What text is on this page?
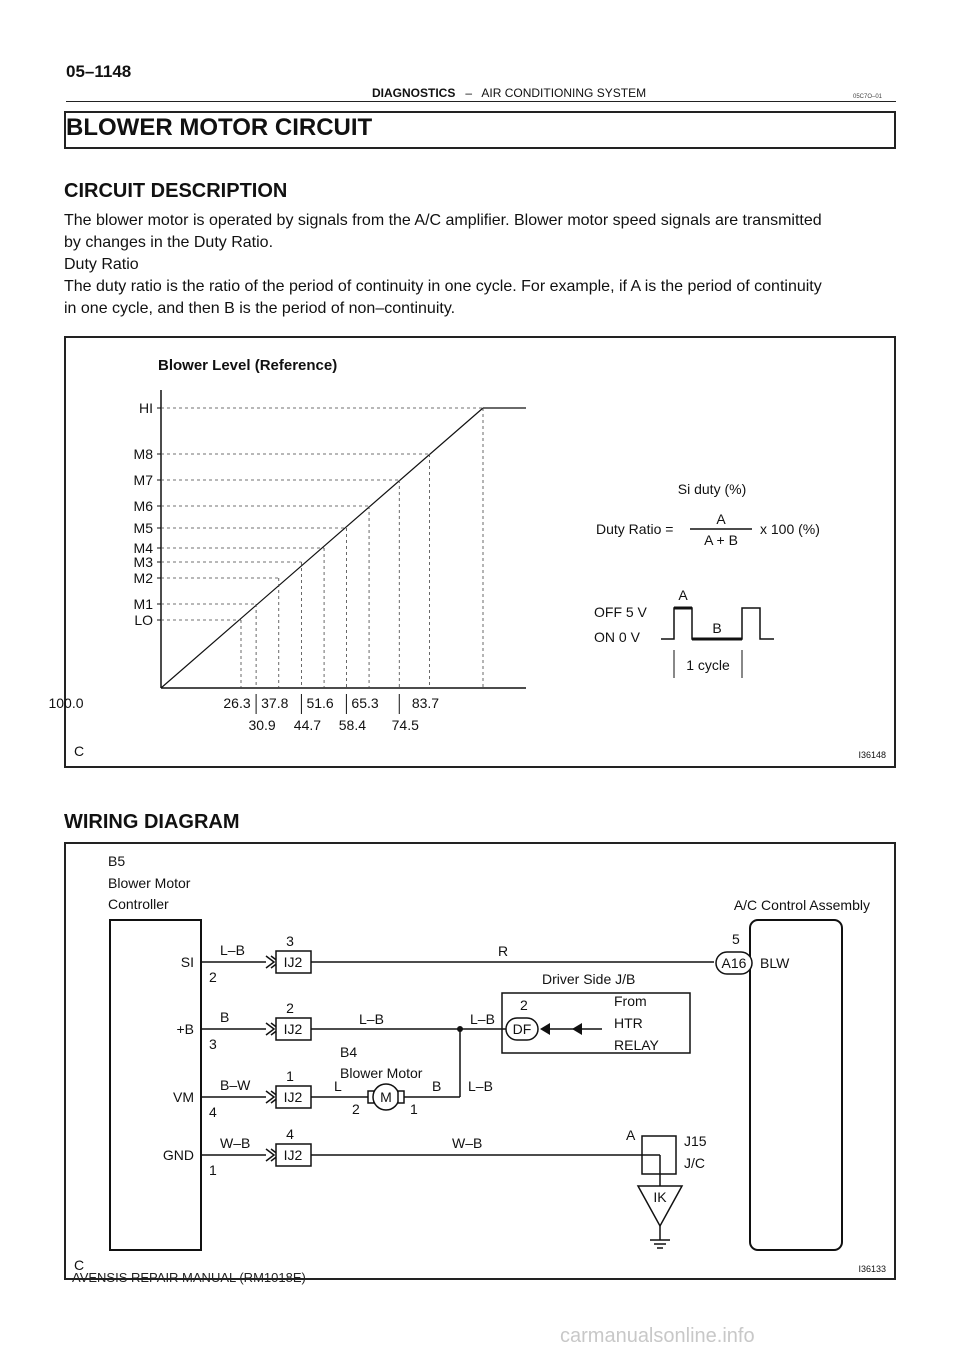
05–1148
DIAGNOSTICS – AIR CONDITIONING SYSTEM	05C7O–01
BLOWER MOTOR CIRCUIT
CIRCUIT DESCRIPTION
The blower motor is operated by signals from the A/C amplifier. Blower motor speed signals are transmitted
by changes in the Duty Ratio.
Duty Ratio
The duty ratio is the ratio of the period of continuity in one cycle. For example, if A is the period of continuity
in one cycle, and then B is the period of non–continuity.
Blower Level (Reference)
LO
M1
M2
M3
M4
M5
M6
M7
M8
HI
26.3 37.8 51.6 65.3 83.7
100.0
30.9 44.7 58.4 74.5
Si duty (%)
Duty Ratio =
A
A + B
x 100 (%)
OFF 5 V
ON 0 V
A
B
1 cycle
C	I36148
WIRING DIAGRAM
B5
Blower Motor
Controller	A/C Control Assembly
SI
2
L–B
IJ2
3
+B
3
B
IJ2
2
VM
4
B–W
IJ2
1
GND
1
W–B
IJ2
4
R
5
A16 BLW
Driver Side J/B
2
DF
From
HTR
RELAY
L–B	L–B
B4
Blower Motor
L
M
B
2	1
L–B
W–B	A	J15
J/C
IK
C	I36133
AVENSIS REPAIR MANUAL (RM1018E)
carmanualsonline.info
